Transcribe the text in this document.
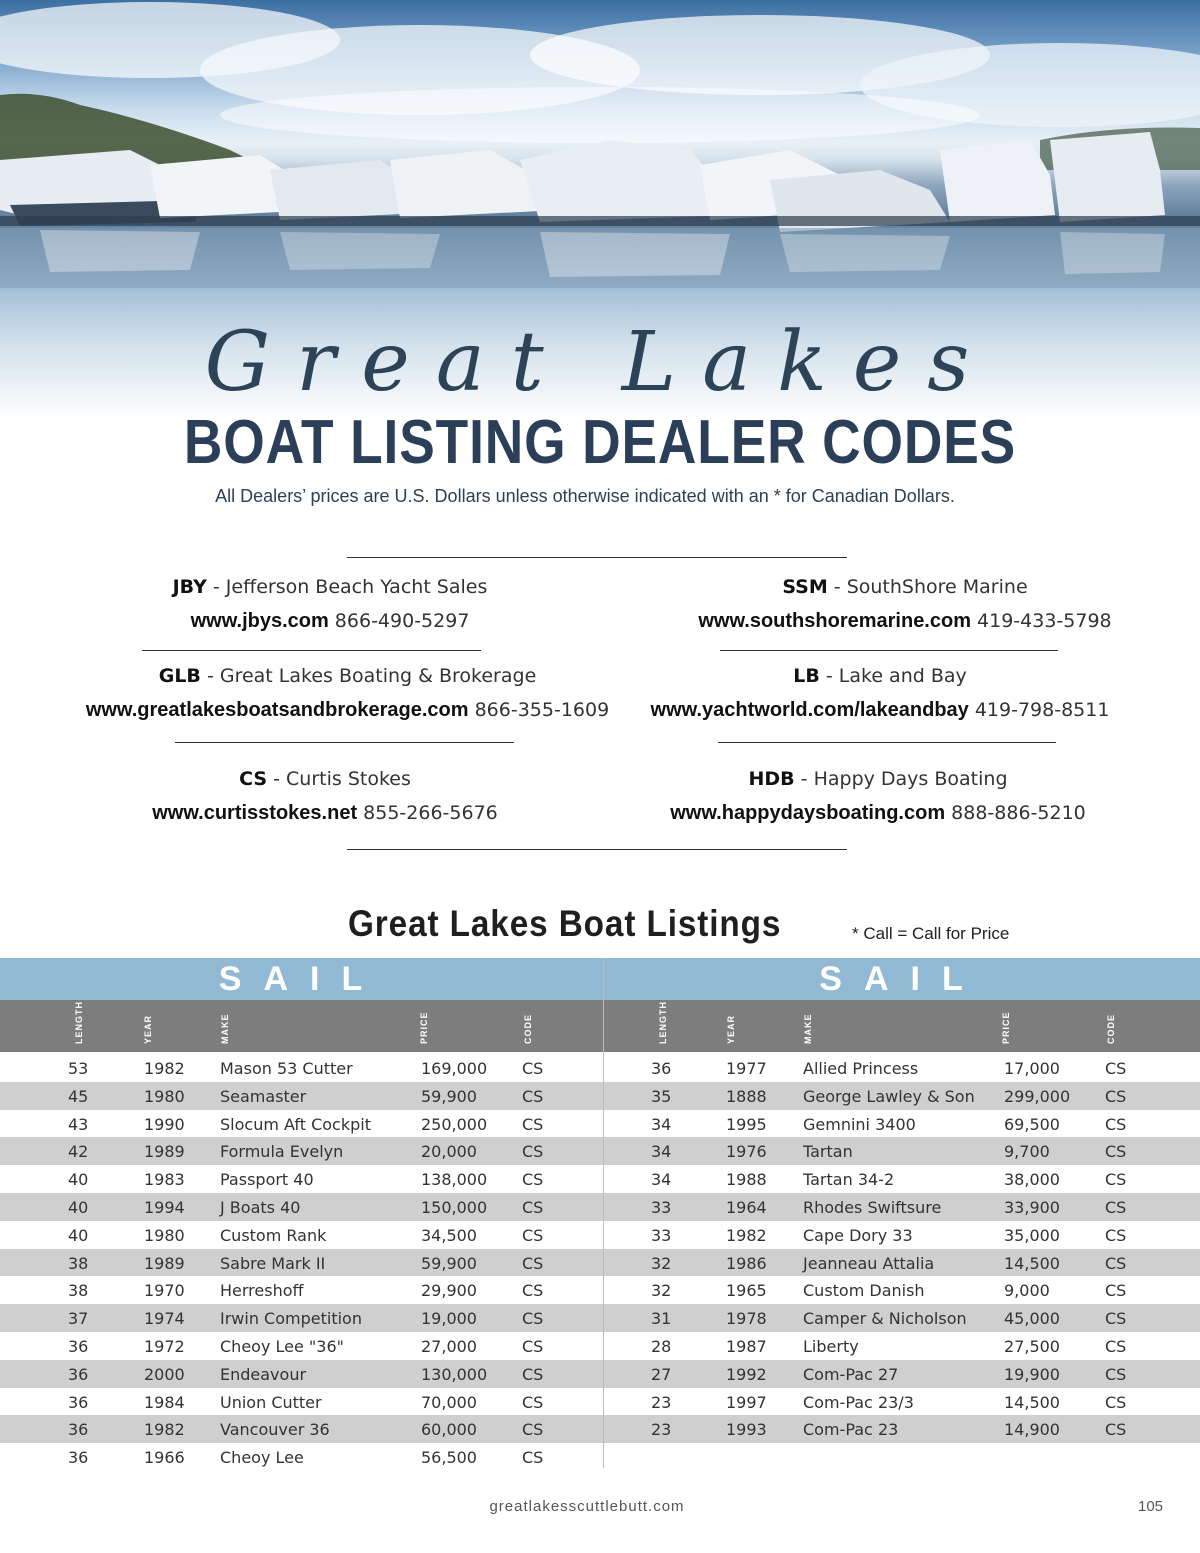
Great Lakes
BOAT LISTING DEALER CODES
All Dealers’ prices are U.S. Dollars unless otherwise indicated with an * for Canadian Dollars.
JBY - Jefferson Beach Yacht Sales
www.jbys.com 866-490-5297
SSM - SouthShore Marine
www.southshoremarine.com 419-433-5798
GLB - Great Lakes Boating & Brokerage
www.greatlakesboatsandbrokerage.com 866-355-1609
LB - Lake and Bay
www.yachtworld.com/lakeandbay 419-798-8511
CS - Curtis Stokes
www.curtisstokes.net 855-266-5676
HDB - Happy Days Boating
www.happydaysboating.com 888-886-5210
Great Lakes Boat Listings	* Call = Call for Price
SAIL	SAIL
LENGTH	YEAR	MAKE	PRICE	CODE	LENGTH	YEAR	MAKE	PRICE	CODE
53	1982 Mason 53 Cutter	169,000 CS
45	1980 Seamaster	59,900	CS
43	1990 Slocum Aft Cockpit	250,000 CS
42	1989 Formula Evelyn	20,000	CS
40	1983 Passport 40	138,000 CS
40	1994 J Boats 40	150,000 CS
40	1980 Custom Rank	34,500	CS
38	1989 Sabre Mark II	59,900	CS
38	1970 Herreshoff	29,900	CS
37	1974 Irwin Competition	19,000	CS
36	1972 Cheoy Lee "36"	27,000	CS
36	2000 Endeavour	130,000 CS
36	1984 Union Cutter	70,000	CS
36	1982 Vancouver 36	60,000	CS
36	1966 Cheoy Lee	56,500	CS
36	1977 Allied Princess	17,000	CS
35	1888 George Lawley & Son 299,000 CS
34	1995 Gemnini 3400	69,500	CS
34	1976 Tartan	9,700	CS
34	1988 Tartan 34-2	38,000	CS
33	1964 Rhodes Swiftsure	33,900	CS
33	1982 Cape Dory 33	35,000	CS
32	1986 Jeanneau Attalia	14,500	CS
32	1965 Custom Danish	9,000	CS
31	1978 Camper & Nicholson 45,000	CS
28	1987 Liberty	27,500	CS
27	1992 Com-Pac 27	19,900	CS
23	1997 Com-Pac 23/3	14,500	CS
23	1993 Com-Pac 23	14,900	CS
greatlakesscuttlebutt.com	105
